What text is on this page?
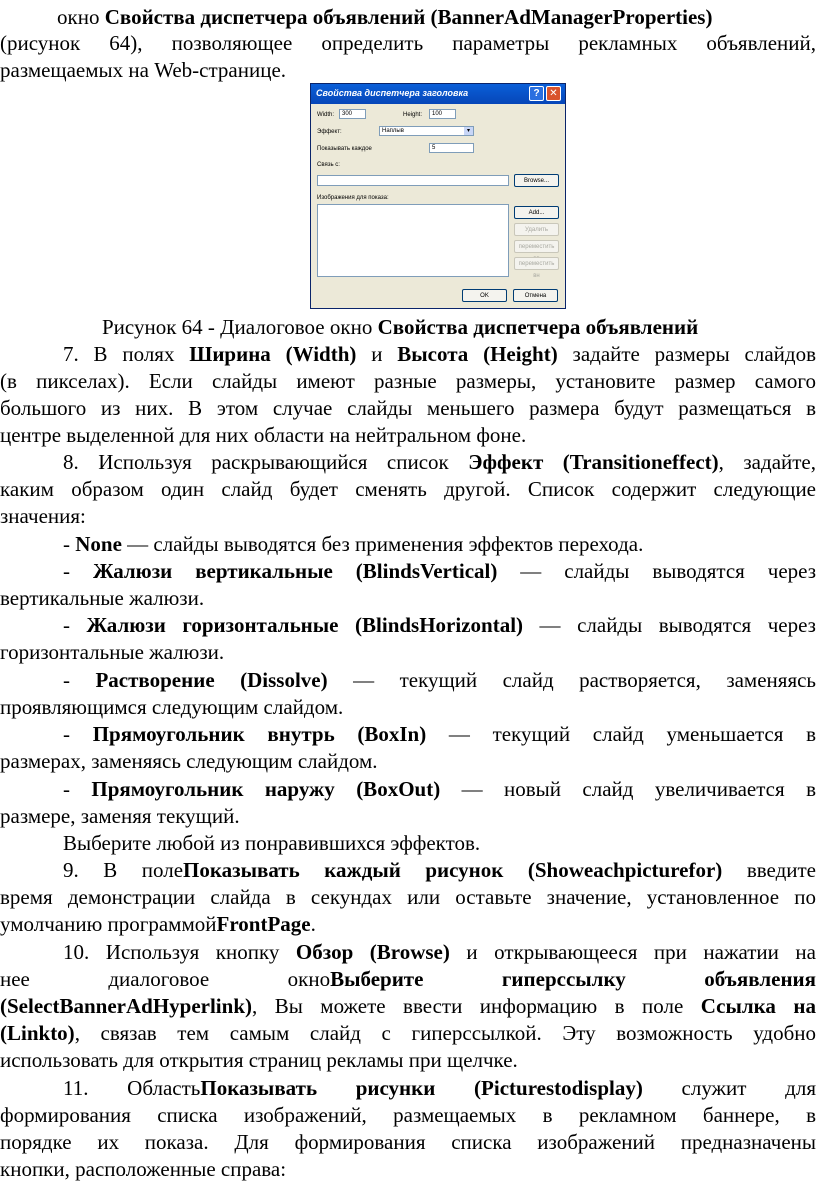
окно Свойства диспетчера объявлений (BannerAdManagerProperties)
(рисунок 64), позволяющее определить параметры рекламных объявлений,
размещаемых на Web-странице.
Свойства диспетчера заголовка	? ✕
Width:	300	Height:	100
Эффект:	Наплыв	▾
Показывать каждое	5
Связь с:
Browse...
Изображения для показа:
Add...
Удалить
переместить
переместить вн
OK	Отмена
Рисунок 64 - Диалоговое окно Свойства диспетчера объявлений
7. В полях Ширина (Width) и Высота (Height) задайте размеры слайдов
(в пикселах). Если слайды имеют разные размеры, установите размер самого
большого из них. В этом случае слайды меньшего размера будут размещаться в
центре выделенной для них области на нейтральном фоне.
8. Используя раскрывающийся список Эффект (Transitioneffect), задайте,
каким образом один слайд будет сменять другой. Список содержит следующие
значения:
- None — слайды выводятся без применения эффектов перехода.
- Жалюзи вертикальные (BlindsVertical) — слайды выводятся через
вертикальные жалюзи.
- Жалюзи горизонтальные (BlindsHorizontal) — слайды выводятся через
горизонтальные жалюзи.
- Растворение (Dissolve) — текущий слайд растворяется, заменяясь
проявляющимся следующим слайдом.
- Прямоугольник внутрь (BoxIn) — текущий слайд уменьшается в
размерах, заменяясь следующим слайдом.
- Прямоугольник наружу (BoxOut) — новый слайд увеличивается в
размере, заменяя текущий.
Выберите любой из понравившихся эффектов.
9. В полеПоказывать каждый рисунок (Showeachpicturefor) введите
время демонстрации слайда в секундах или оставьте значение, установленное по
умолчанию программойFrontPage.
10. Используя кнопку Обзор (Browse) и открывающееся при нажатии на
нее диалоговое окноВыберите гиперссылку объявления
(SelectBannerAdHyperlink), Вы можете ввести информацию в поле Ссылка на
(Linkto), связав тем самым слайд с гиперссылкой. Эту возможность удобно
использовать для открытия страниц рекламы при щелчке.
11. ОбластьПоказывать рисунки (Picturestodisplay) служит для
формирования списка изображений, размещаемых в рекламном баннере, в
порядке их показа. Для формирования списка изображений предназначены
кнопки, расположенные справа:
